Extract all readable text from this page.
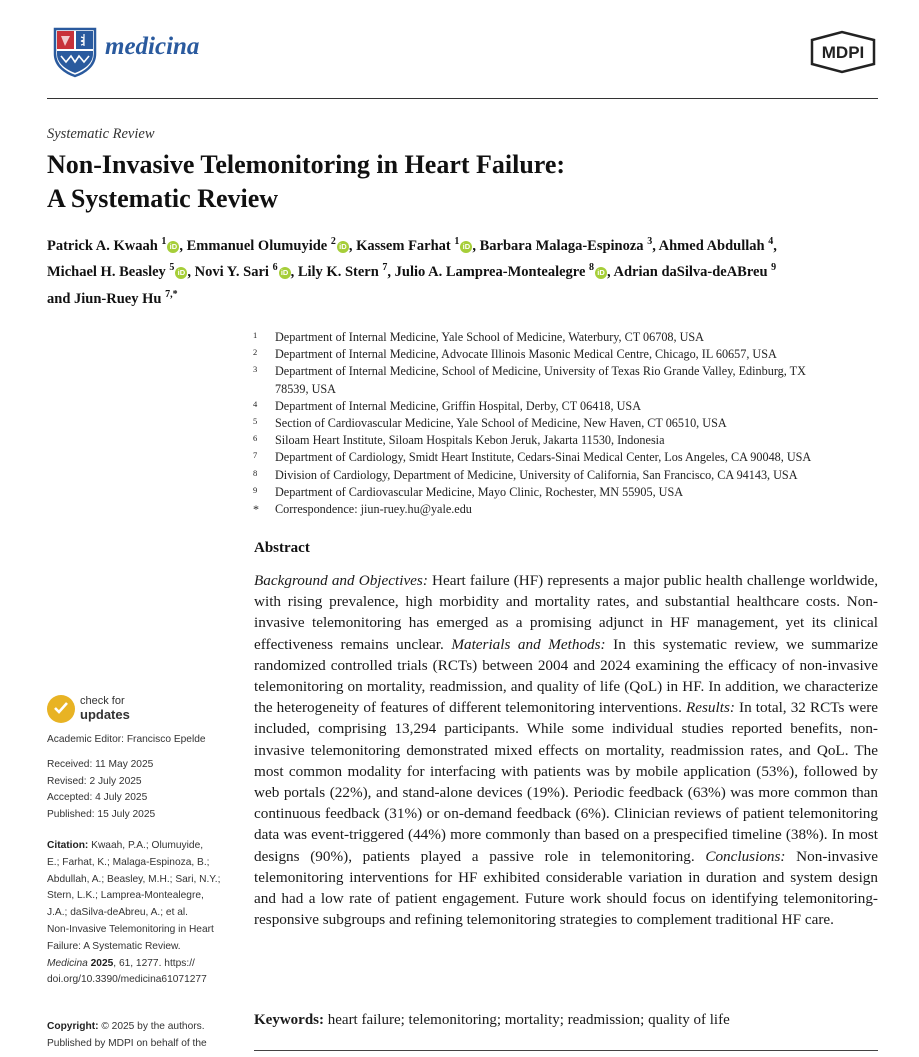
medicina	MDPI
Systematic Review
Non-Invasive Telemonitoring in Heart Failure:
A Systematic Review
Patrick A. Kwaah $^1$ iD , Emmanuel Olumuyide $^2$ iD , Kassem Farhat $^1$ iD , Barbara Malaga-Espinoza $^3$, Ahmed Abdullah $^4$,
Michael H. Beasley $^5$ iD , Novi Y. Sari $^6$ iD , Lily K. Stern $^7$, Julio A. Lamprea-Montealegre $^8$ iD , Adrian daSilva-deABreu $^9$
and Jiun-Ruey Hu $^{7,*}$
1 Department of Internal Medicine, Yale School of Medicine, Waterbury, CT 06708, USA
2 Department of Internal Medicine, Advocate Illinois Masonic Medical Centre, Chicago, IL 60657, USA
3 Department of Internal Medicine, School of Medicine, University of Texas Rio Grande Valley, Edinburg, TX 78539, USA
4 Department of Internal Medicine, Griffin Hospital, Derby, CT 06418, USA
5 Section of Cardiovascular Medicine, Yale School of Medicine, New Haven, CT 06510, USA
6 Siloam Heart Institute, Siloam Hospitals Kebon Jeruk, Jakarta 11530, Indonesia
7 Department of Cardiology, Smidt Heart Institute, Cedars-Sinai Medical Center, Los Angeles, CA 90048, USA
8 Division of Cardiology, Department of Medicine, University of California, San Francisco, CA 94143, USA
9 Department of Cardiovascular Medicine, Mayo Clinic, Rochester, MN 55905, USA
* Correspondence: jiun-ruey.hu@yale.edu
Abstract
Background and Objectives: Heart failure (HF) represents a major public health challenge worldwide, with rising prevalence, high morbidity and mortality rates, and substantial healthcare costs. Non-invasive telemonitoring has emerged as a promising adjunct in HF management, yet its clinical effectiveness remains unclear. Materials and Methods: In this systematic review, we summarize randomized controlled trials (RCTs) between 2004 and 2024 examining the efficacy of non-invasive telemonitoring on mortality, readmission, and quality of life (QoL) in HF. In addition, we characterize the heterogeneity of features of different telemonitoring interventions. Results: In total, 32 RCTs were included, comprising 13,294 participants. While some individual studies reported benefits, non-invasive telemonitoring demonstrated mixed effects on mortality, readmission rates, and QoL. The most common modality for interfacing with patients was by mobile application (53%), followed by web portals (22%), and stand-alone devices (19%). Periodic feedback (63%) was more common than continuous feedback (31%) or on-demand feedback (6%). Clinician reviews of patient telemonitoring data was event-triggered (44%) more commonly than based on a prespecified timeline (38%). In most designs (90%), patients played a passive role in telemonitoring. Conclusions: Non-invasive telemonitoring interventions for HF exhibited considerable variation in duration and system design and had a low rate of patient engagement. Future work should focus on identifying telemonitoring-responsive subgroups and refining telemonitoring strategies to complement traditional HF care.
Keywords: heart failure; telemonitoring; mortality; readmission; quality of life
check for
updates
Academic Editor: Francisco Epelde
Received: 11 May 2025
Revised: 2 July 2025
Accepted: 4 July 2025
Published: 15 July 2025
Citation: Kwaah, P.A.; Olumuyide,
E.; Farhat, K.; Malaga-Espinoza, B.;
Abdullah, A.; Beasley, M.H.; Sari, N.Y.;
Stern, L.K.; Lamprea-Montealegre,
J.A.; daSilva-deAbreu, A.; et al.
Non-Invasive Telemonitoring in Heart
Failure: A Systematic Review.
Medicina 2025, 61, 1277. https://
doi.org/10.3390/medicina61071277
Copyright: © 2025 by the authors.
Published by MDPI on behalf of the
